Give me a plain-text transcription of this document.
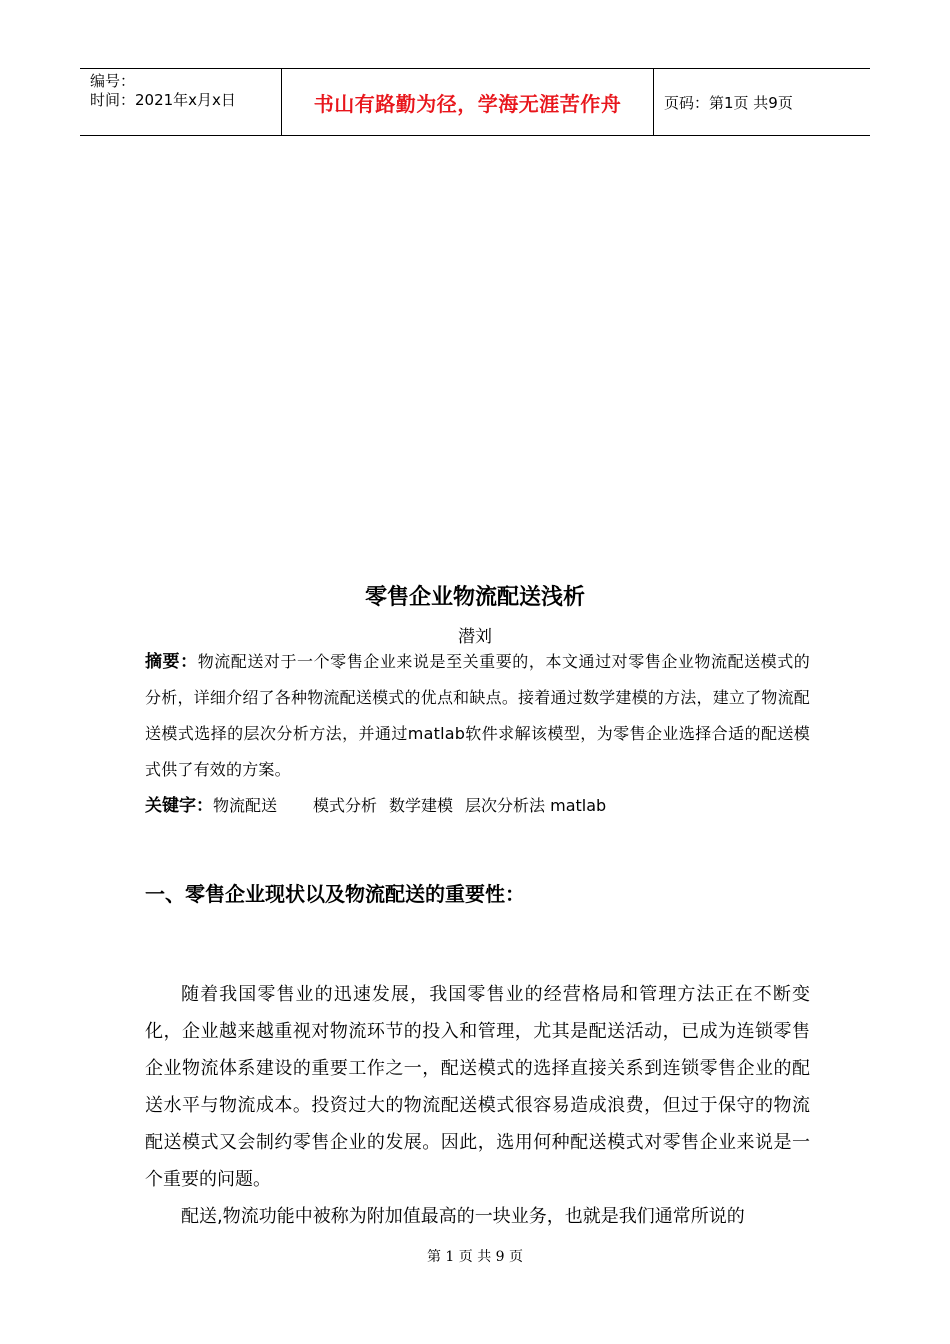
编号：
时间：2021年x月x日	书山有路勤为径，学海无涯苦作舟	页码：第1页 共9页
零售企业物流配送浅析
潜刘
摘要：物流配送对于一个零售企业来说是至关重要的，本文通过对零售企业物流配送模式的分析，详细介绍了各种物流配送模式的优点和缺点。接着通过数学建模的方法，建立了物流配送模式选择的层次分析方法，并通过matlab软件求解该模型，为零售企业选择合适的配送模式供了有效的方案。
关键字：物流配送 模式分析 数学建模 层次分析法 matlab
一、零售企业现状以及物流配送的重要性：

随着我国零售业的迅速发展，我国零售业的经营格局和管理方法正在不断变化，企业越来越重视对物流环节的投入和管理，尤其是配送活动，已成为连锁零售企业物流体系建设的重要工作之一，配送模式的选择直接关系到连锁零售企业的配送水平与物流成本。投资过大的物流配送模式很容易造成浪费，但过于保守的物流配送模式又会制约零售企业的发展。因此，选用何种配送模式对零售企业来说是一个重要的问题。

配送,物流功能中被称为附加值最高的一块业务，也就是我们通常所说的

第 1 页 共 9 页
